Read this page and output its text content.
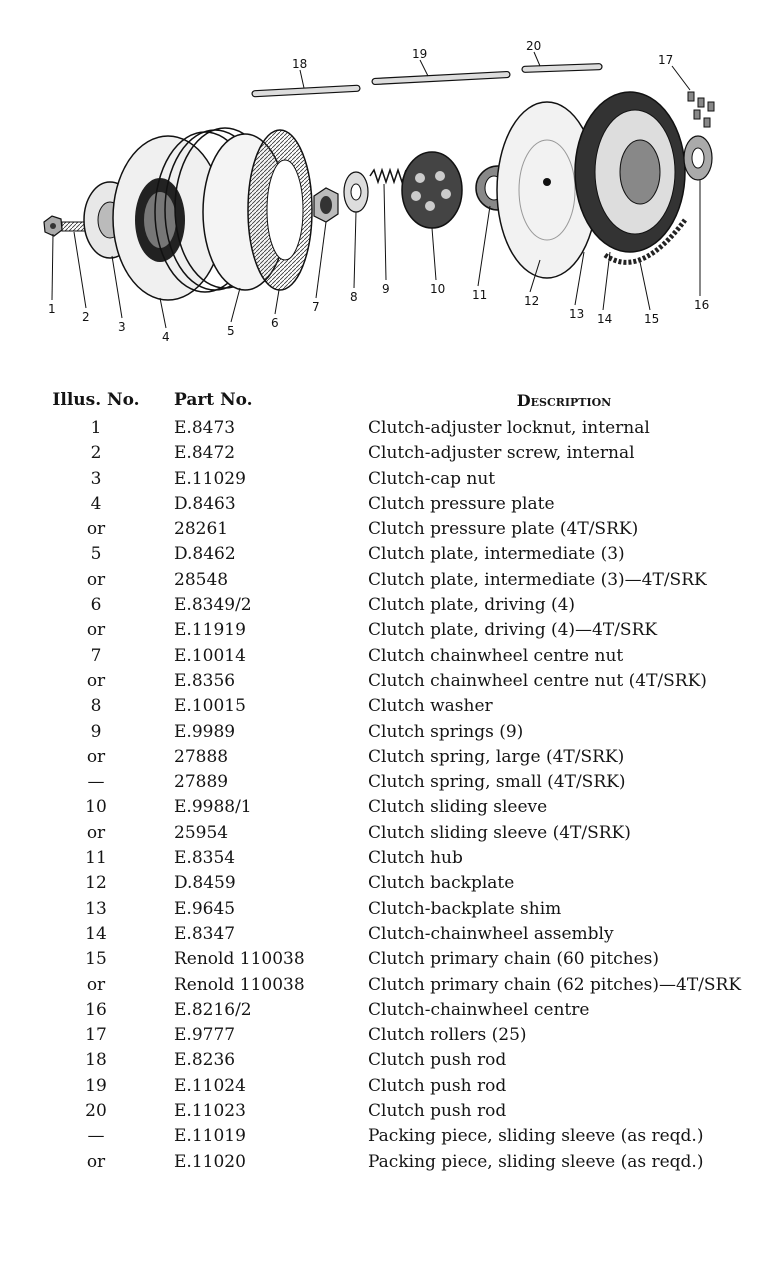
1
2
3
4	5
6
7
8
9	10 11	12
13 14	15
16
17
18
19
20
Illus. No.	Part No.	Description
1	E.8473	Clutch-adjuster locknut, internal
2	E.8472	Clutch-adjuster screw, internal
3	E.11029	Clutch-cap nut
4	D.8463	Clutch pressure plate
or	28261	Clutch pressure plate (4T/SRK)
5	D.8462	Clutch plate, intermediate (3)
or	28548	Clutch plate, intermediate (3)—4T/SRK
6	E.8349/2	Clutch plate, driving (4)
or	E.11919	Clutch plate, driving (4)—4T/SRK
7	E.10014	Clutch chainwheel centre nut
or	E.8356	Clutch chainwheel centre nut (4T/SRK)
8	E.10015	Clutch washer
9	E.9989	Clutch springs (9)
or	27888	Clutch spring, large (4T/SRK)
—	27889	Clutch spring, small (4T/SRK)
10	E.9988/1	Clutch sliding sleeve
or	25954	Clutch sliding sleeve (4T/SRK)
11	E.8354	Clutch hub
12	D.8459	Clutch backplate
13	E.9645	Clutch-backplate shim
14	E.8347	Clutch-chainwheel assembly
15	Renold 110038	Clutch primary chain (60 pitches)
or	Renold 110038	Clutch primary chain (62 pitches)—4T/SRK
16	E.8216/2	Clutch-chainwheel centre
17	E.9777	Clutch rollers (25)
18	E.8236	Clutch push rod
19	E.11024	Clutch push rod
20	E.11023	Clutch push rod
—	E.11019	Packing piece, sliding sleeve (as reqd.)
or	E.11020	Packing piece, sliding sleeve (as reqd.)
